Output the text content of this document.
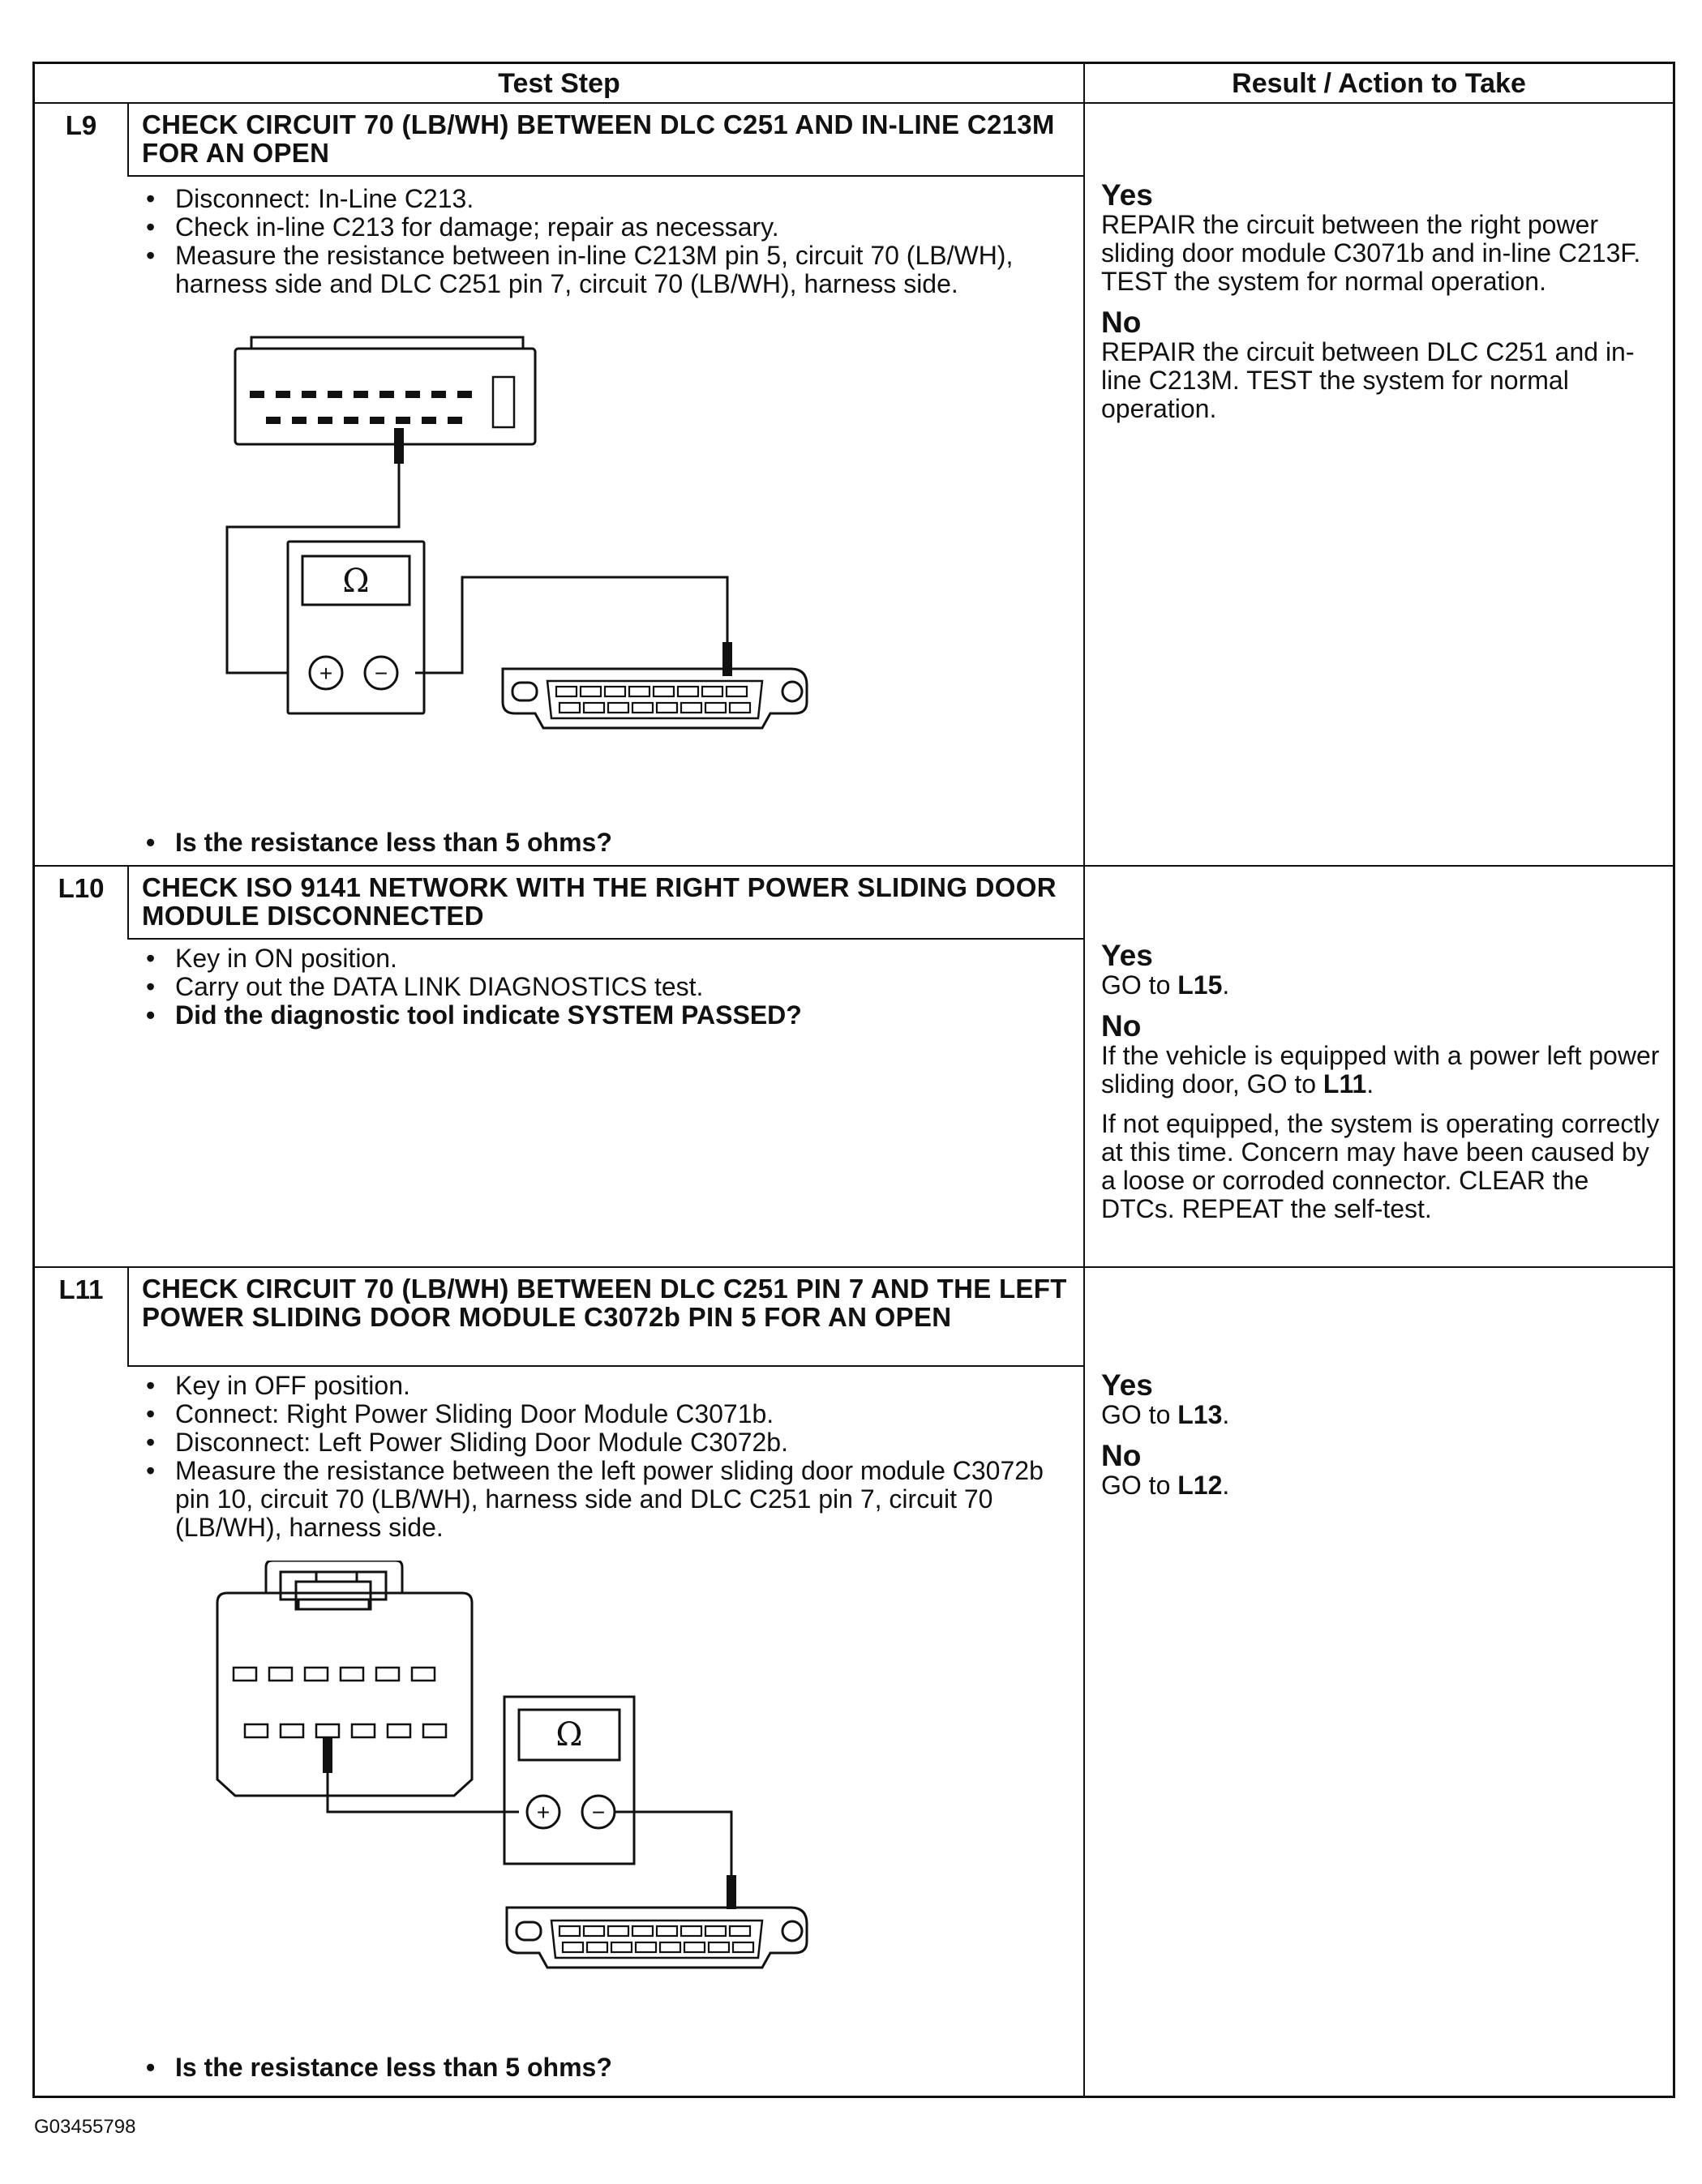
Test Step	Result / Action to Take
L9	CHECK CIRCUIT 70 (LB/WH) BETWEEN DLC C251 AND IN-LINE C213M FOR AN OPEN
• Disconnect: In-Line C213.
• Check in-line C213 for damage; repair as necessary.
• Measure the resistance between in-line C213M pin 5, circuit 70 (LB/WH), harness side and DLC C251 pin 7, circuit 70 (LB/WH), harness side.
Ω
+ −
• Is the resistance less than 5 ohms?
Yes
REPAIR the circuit between the right power sliding door module C3071b and in-line C213F. TEST the system for normal operation.
No
REPAIR the circuit between DLC C251 and in-line C213M. TEST the system for normal operation.
L10	CHECK ISO 9141 NETWORK WITH THE RIGHT POWER SLIDING DOOR MODULE DISCONNECTED
• Key in ON position.
• Carry out the DATA LINK DIAGNOSTICS test.
• Did the diagnostic tool indicate SYSTEM PASSED?
Yes
GO to L15.
No
If the vehicle is equipped with a power left power sliding door, GO to L11.
If not equipped, the system is operating correctly at this time. Concern may have been caused by a loose or corroded connector. CLEAR the DTCs. REPEAT the self-test.
L11	CHECK CIRCUIT 70 (LB/WH) BETWEEN DLC C251 PIN 7 AND THE LEFT POWER SLIDING DOOR MODULE C3072b PIN 5 FOR AN OPEN
• Key in OFF position.
• Connect: Right Power Sliding Door Module C3071b.
• Disconnect: Left Power Sliding Door Module C3072b.
• Measure the resistance between the left power sliding door module C3072b pin 10, circuit 70 (LB/WH), harness side and DLC C251 pin 7, circuit 70 (LB/WH), harness side.
Ω
+ −
• Is the resistance less than 5 ohms?
Yes
GO to L13.
No
GO to L12.
G03455798
